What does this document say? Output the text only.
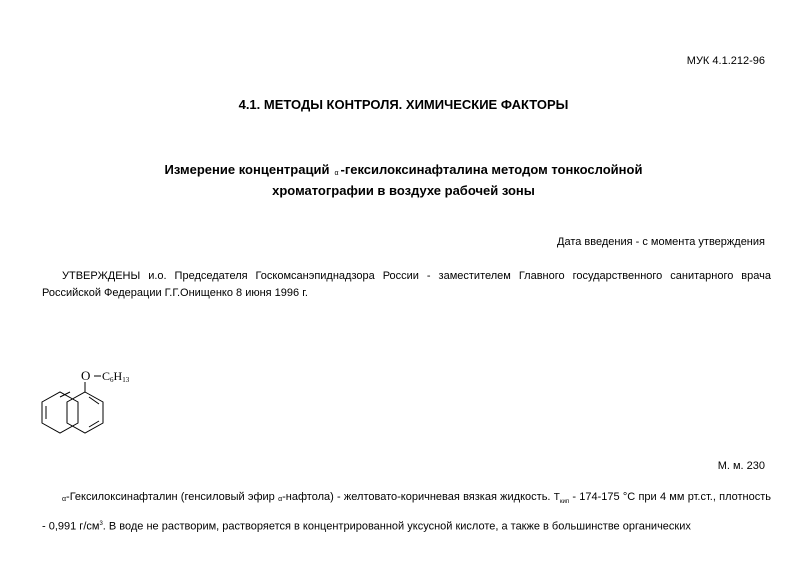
МУК 4.1.212-96
4.1. МЕТОДЫ КОНТРОЛЯ. ХИМИЧЕСКИЕ ФАКТОРЫ
Измерение концентраций α -гексилоксинафталина методом тонкослойной
хроматографии в воздухе рабочей зоны
Дата введения - с момента утверждения
УТВЕРЖДЕНЫ и.о. Председателя Госкомсанэпиднадзора России - заместителем Главного государственного санитарного врача Российской Федерации Г.Г.Онищенко 8 июня 1996 г.
O C6H13
М. м. 230
α-Гексилоксинафталин (генсиловый эфир α-нафтола) - желтовато-коричневая вязкая жидкость. $T_{кип} - 174-175$ °С при 4 мм рт.ст., плотность - 0,991 $г/см^3$. В воде не растворим, растворяется в концентрированной уксусной кислоте, а также в большинстве органических
